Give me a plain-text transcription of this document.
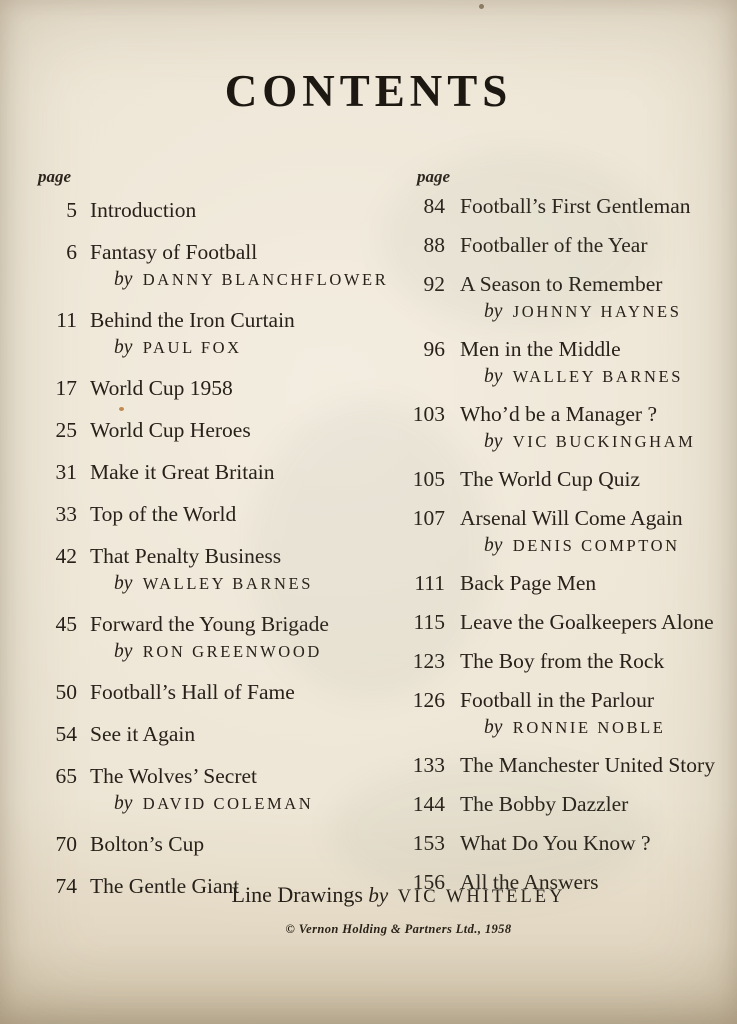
CONTENTS
page
5 Introduction
6 Fantasy of Football
by DANNY BLANCHFLOWER
11 Behind the Iron Curtain
by PAUL FOX
17 World Cup 1958
25 World Cup Heroes
31 Make it Great Britain
33 Top of the World
42 That Penalty Business
by WALLEY BARNES
45 Forward the Young Brigade
by RON GREENWOOD
50 Football’s Hall of Fame
54 See it Again
65 The Wolves’ Secret
by DAVID COLEMAN
70 Bolton’s Cup
74 The Gentle Giant
page
84 Football’s First Gentleman
88 Footballer of the Year
92 A Season to Remember
by JOHNNY HAYNES
96 Men in the Middle
by WALLEY BARNES
103 Who’d be a Manager ?
by VIC BUCKINGHAM
105 The World Cup Quiz
107 Arsenal Will Come Again
by DENIS COMPTON
111 Back Page Men
115 Leave the Goalkeepers Alone
123 The Boy from the Rock
126 Football in the Parlour
by RONNIE NOBLE
133 The Manchester United Story
144 The Bobby Dazzler
153 What Do You Know ?
156 All the Answers
Line Drawings by VIC WHITELEY
© Vernon Holding & Partners Ltd., 1958
